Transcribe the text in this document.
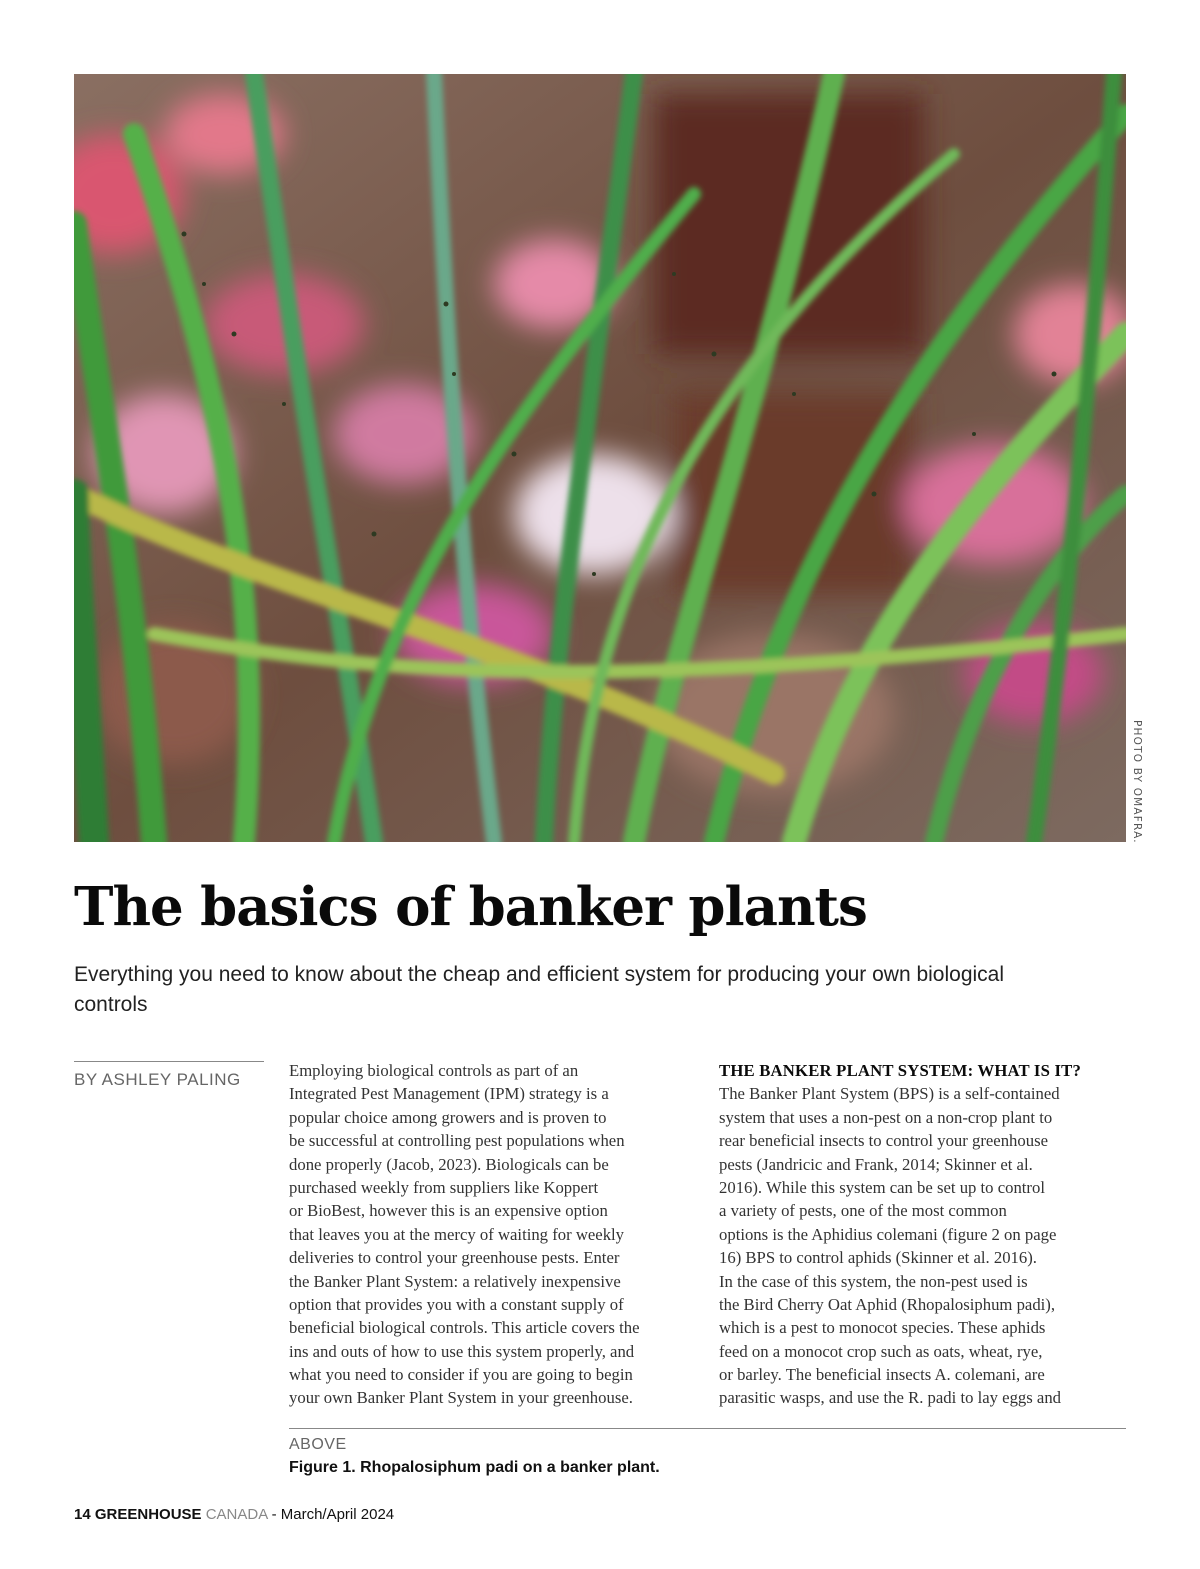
PHOTO BY OMAFRA.
The basics of banker plants

Everything you need to know about the cheap and efficient system for producing your own biological controls

BY ASHLEY PALING	Employing biological controls as part of an
Integrated Pest Management (IPM) strategy is a
popular choice among growers and is proven to
be successful at controlling pest populations when
done properly (Jacob, 2023). Biologicals can be
purchased weekly from suppliers like Koppert
or BioBest, however this is an expensive option
that leaves you at the mercy of waiting for weekly
deliveries to control your greenhouse pests. Enter
the Banker Plant System: a relatively inexpensive
option that provides you with a constant supply of
beneficial biological controls. This article covers the
ins and outs of how to use this system properly, and
what you need to consider if you are going to begin
your own Banker Plant System in your greenhouse.
THE BANKER PLANT SYSTEM: WHAT IS IT?
The Banker Plant System (BPS) is a self-contained
system that uses a non-pest on a non-crop plant to
rear beneficial insects to control your greenhouse
pests (Jandricic and Frank, 2014; Skinner et al.
2016). While this system can be set up to control
a variety of pests, one of the most common
options is the Aphidius colemani (figure 2 on page
16) BPS to control aphids (Skinner et al. 2016).
In the case of this system, the non-pest used is
the Bird Cherry Oat Aphid (Rhopalosiphum padi),
which is a pest to monocot species. These aphids
feed on a monocot crop such as oats, wheat, rye,
or barley. The beneficial insects A. colemani, are
parasitic wasps, and use the R. padi to lay eggs and
ABOVE
Figure 1. Rhopalosiphum padi on a banker plant.
14 GREENHOUSE CANADA - March/April 2024
